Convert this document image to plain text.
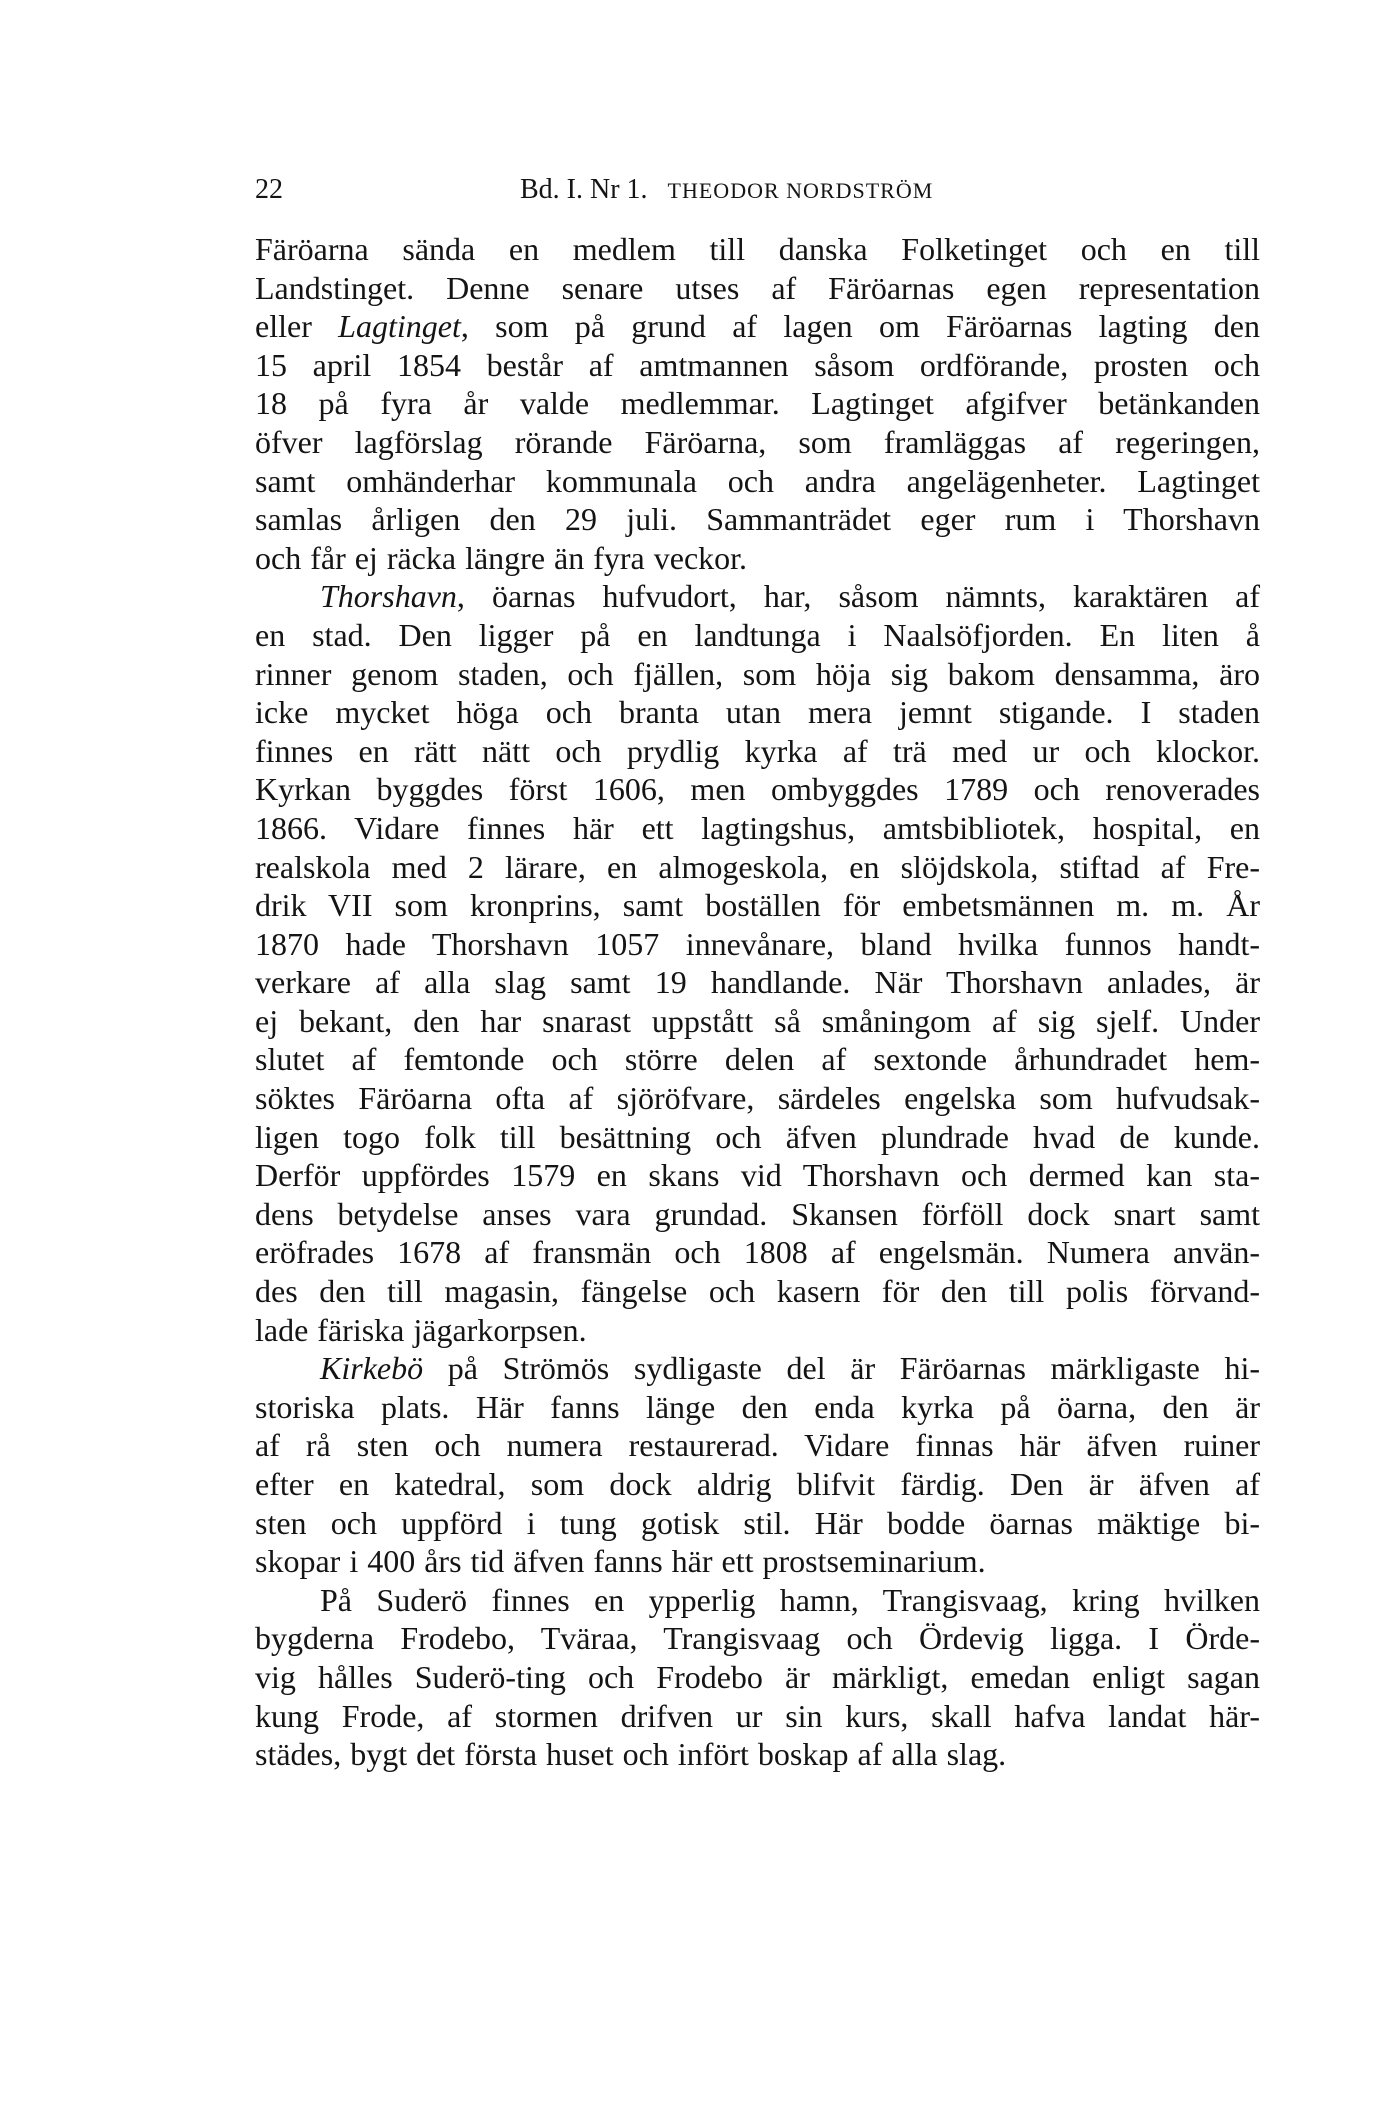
22	Bd. I. Nr 1. THEODOR NORDSTRÖM
Färöarna sända en medlem till danska Folketinget och en till
Landstinget. Denne senare utses af Färöarnas egen representation
eller Lagtinget, som på grund af lagen om Färöarnas lagting den
15 april 1854 består af amtmannen såsom ordförande, prosten och
18 på fyra år valde medlemmar. Lagtinget afgifver betänkanden
öfver lagförslag rörande Färöarna, som framläggas af regeringen,
samt omhänderhar kommunala och andra angelägenheter. Lagtinget
samlas årligen den 29 juli. Sammanträdet eger rum i Thorshavn
och får ej räcka längre än fyra veckor.
Thorshavn, öarnas hufvudort, har, såsom nämnts, karaktären af
en stad. Den ligger på en landtunga i Naalsöfjorden. En liten å
rinner genom staden, och fjällen, som höja sig bakom densamma, äro
icke mycket höga och branta utan mera jemnt stigande. I staden
finnes en rätt nätt och prydlig kyrka af trä med ur och klockor.
Kyrkan byggdes först 1606, men ombyggdes 1789 och renoverades
1866. Vidare finnes här ett lagtingshus, amtsbibliotek, hospital, en
realskola med 2 lärare, en almogeskola, en slöjdskola, stiftad af Fre-
drik VII som kronprins, samt boställen för embetsmännen m. m. År
1870 hade Thorshavn 1057 innevånare, bland hvilka funnos handt-
verkare af alla slag samt 19 handlande. När Thorshavn anlades, är
ej bekant, den har snarast uppstått så småningom af sig sjelf. Under
slutet af femtonde och större delen af sextonde århundradet hem-
söktes Färöarna ofta af sjöröfvare, särdeles engelska som hufvudsak-
ligen togo folk till besättning och äfven plundrade hvad de kunde.
Derför uppfördes 1579 en skans vid Thorshavn och dermed kan sta-
dens betydelse anses vara grundad. Skansen förföll dock snart samt
eröfrades 1678 af fransmän och 1808 af engelsmän. Numera använ-
des den till magasin, fängelse och kasern för den till polis förvand-
lade färiska jägarkorpsen.
Kirkebö på Strömös sydligaste del är Färöarnas märkligaste hi-
storiska plats. Här fanns länge den enda kyrka på öarna, den är
af rå sten och numera restaurerad. Vidare finnas här äfven ruiner
efter en katedral, som dock aldrig blifvit färdig. Den är äfven af
sten och uppförd i tung gotisk stil. Här bodde öarnas mäktige bi-
skopar i 400 års tid äfven fanns här ett prostseminarium.
På Suderö finnes en ypperlig hamn, Trangisvaag, kring hvilken
bygderna Frodebo, Tväraa, Trangisvaag och Ördevig ligga. I Örde-
vig hålles Suderö-ting och Frodebo är märkligt, emedan enligt sagan
kung Frode, af stormen drifven ur sin kurs, skall hafva landat här-
städes, bygt det första huset och infört boskap af alla slag.
